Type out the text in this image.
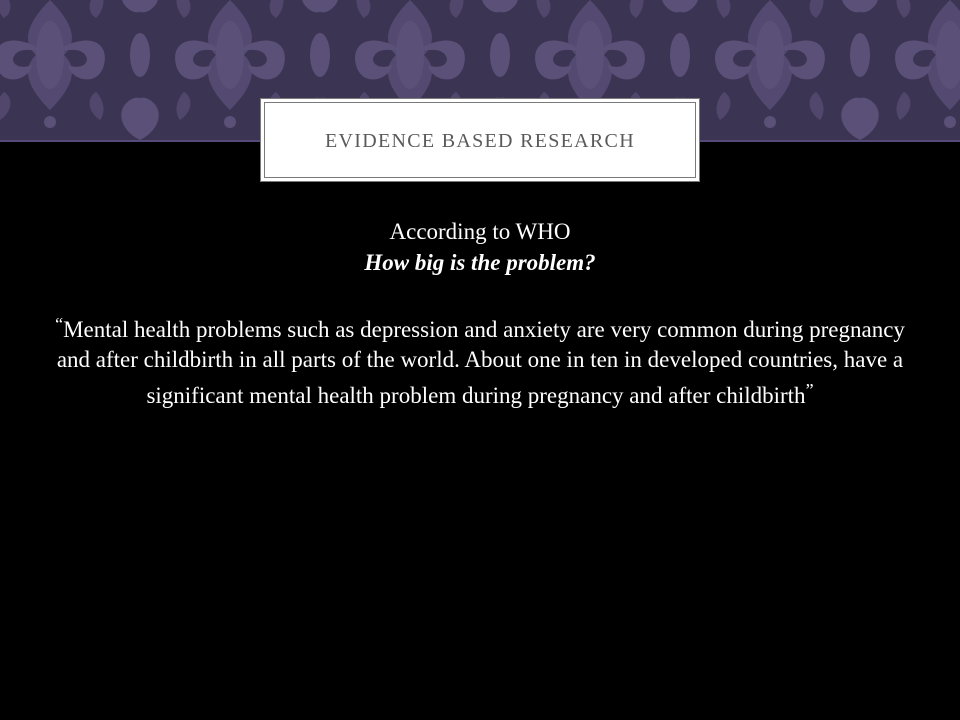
EVIDENCE BASED RESEARCH

According to WHO

How big is the problem?

“Mental health problems such as depression and anxiety are very common during pregnancy and after childbirth in all parts of the world. About one in ten in developed countries, have a significant mental health problem during pregnancy and after childbirth”
